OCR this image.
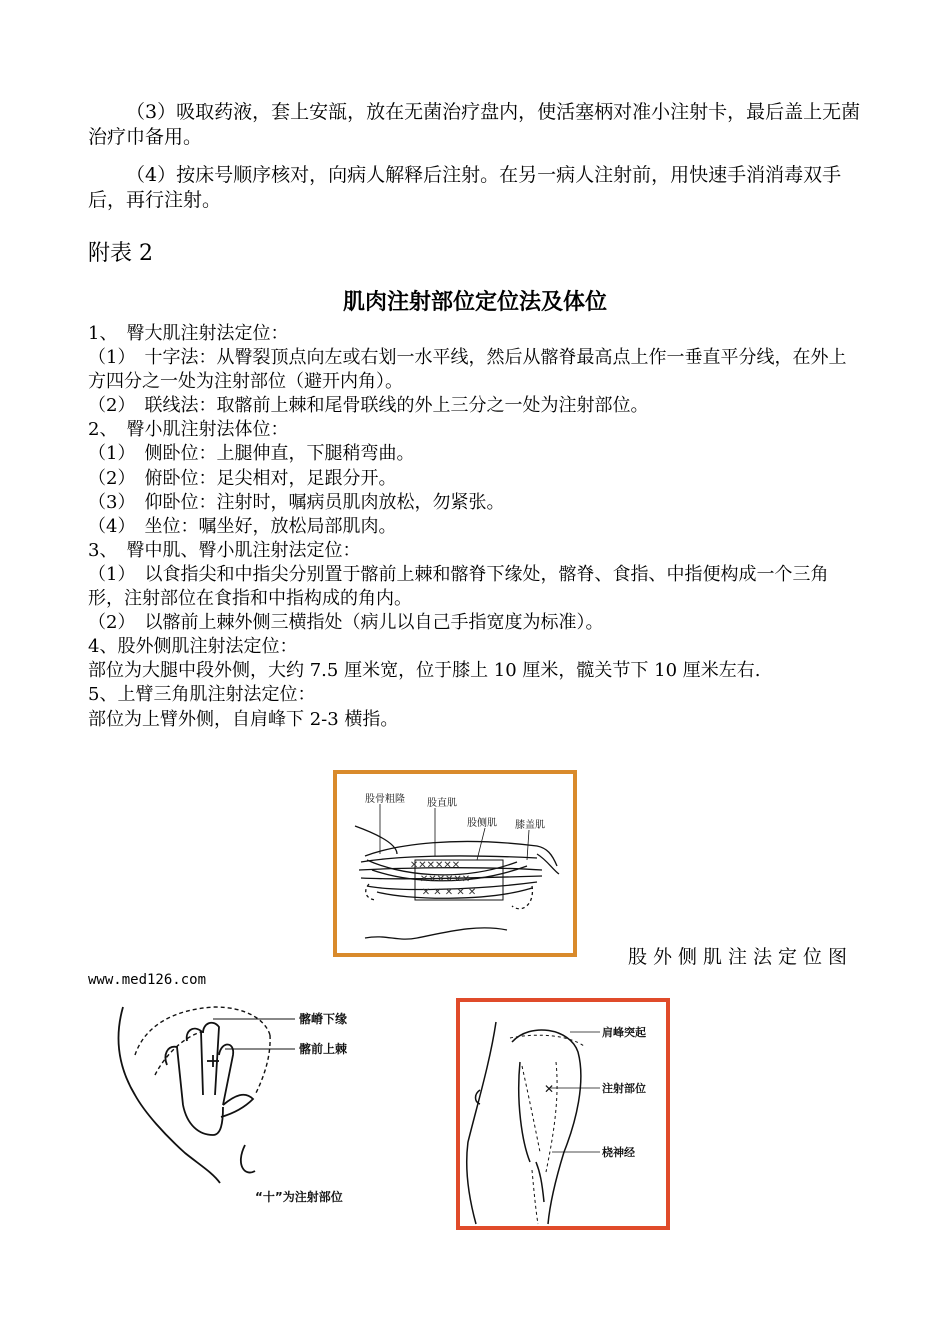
（3）吸取药液，套上安瓿，放在无菌治疗盘内，使活塞柄对准小注射卡，最后盖上无菌治疗巾备用。
（4）按床号顺序核对，向病人解释后注射。在另一病人注射前，用快速手消消毒双手后，再行注射。
附表 2
肌肉注射部位定位法及体位
1、　臀大肌注射法定位：
（1）　十字法：从臀裂顶点向左或右划一水平线，然后从髂脊最高点上作一垂直平分线，在外上方四分之一处为注射部位（避开内角）。
（2）　联线法：取髂前上棘和尾骨联线的外上三分之一处为注射部位。
2、　臀小肌注射法体位：
（1）　侧卧位：上腿伸直，下腿稍弯曲。
（2）　俯卧位：足尖相对，足跟分开。
（3）　仰卧位：注射时，嘱病员肌肉放松，勿紧张。
（4）　坐位：嘱坐好，放松局部肌肉。
3、　臀中肌、臀小肌注射法定位：
（1）　以食指尖和中指尖分别置于髂前上棘和髂脊下缘处，髂脊、食指、中指便构成一个三角形，注射部位在食指和中指构成的角内。
（2）　以髂前上棘外侧三横指处（病儿以自己手指宽度为标准）。
4、股外侧肌注射法定位：
部位为大腿中段外侧，大约 7.5 厘米宽，位于膝上 10 厘米，髋关节下 10 厘米左右.
5、上臂三角肌注射法定位：
部位为上臂外侧，自肩峰下 2-3 横指。
✕✕✕✕✕✕
✕✕✕✕✕✕
✕ ✕ ✕ ✕ ✕
股骨粗隆 股直肌
股侧肌 膝盖肌
股外侧肌注法定位图
www.med126.com
髂嵴下缘
髂前上棘
“十”为注射部位
✕
肩峰突起
注射部位
桡神经
